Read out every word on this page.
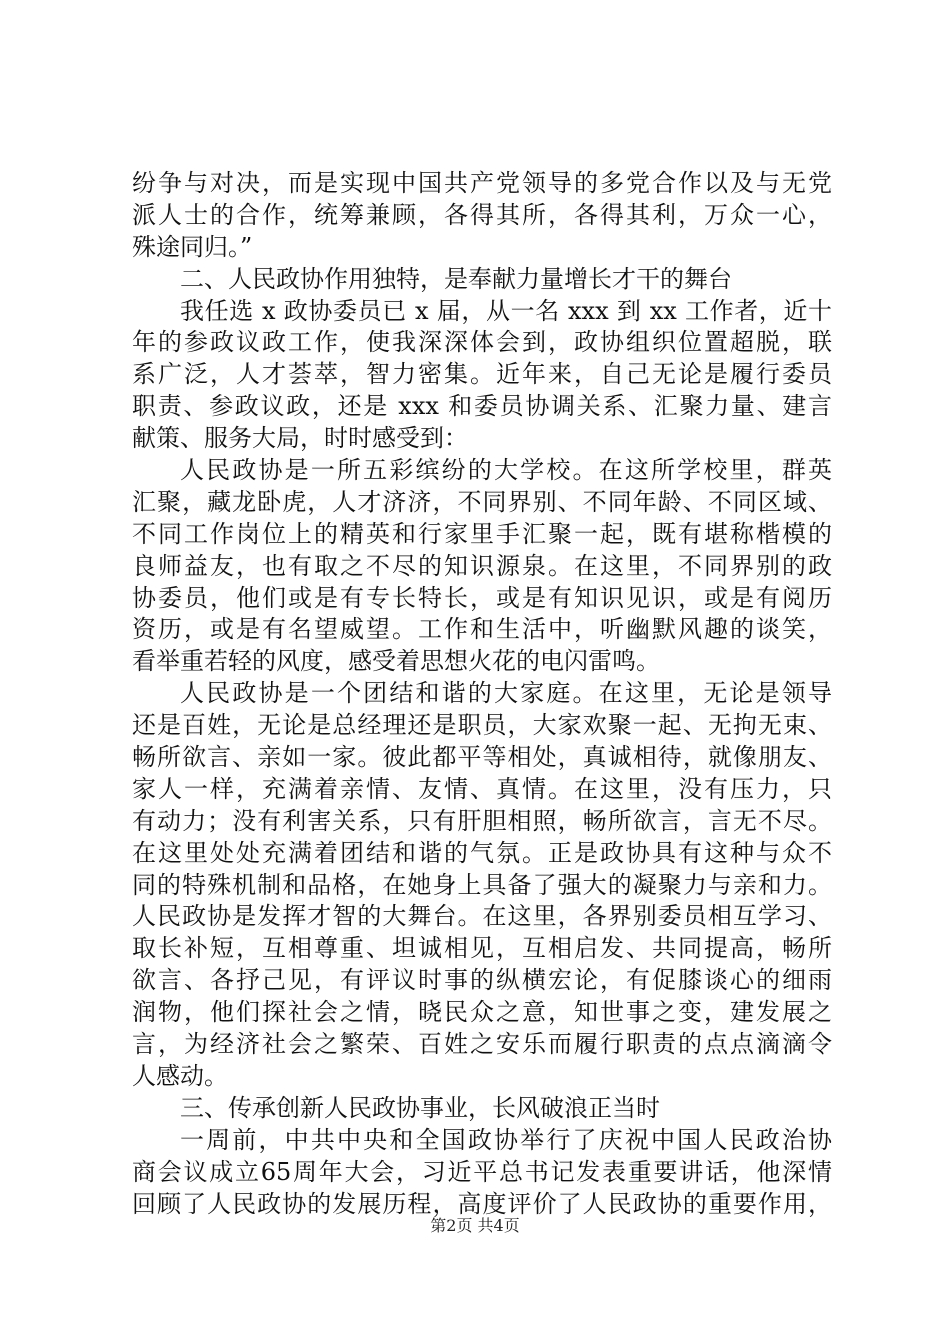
纷争与对决，而是实现中国共产党领导的多党合作以及与无党
派人士的合作，统筹兼顾，各得其所，各得其利，万众一心，
殊途同归。”
二、人民政协作用独特，是奉献力量增长才干的舞台
我任选 x 政协委员已 x 届，从一名 xxx 到 xx 工作者，近十
年的参政议政工作，使我深深体会到，政协组织位置超脱，联
系广泛，人才荟萃，智力密集。近年来，自己无论是履行委员
职责、参政议政，还是 xxx 和委员协调关系、汇聚力量、建言
献策、服务大局，时时感受到：
人民政协是一所五彩缤纷的大学校。在这所学校里，群英
汇聚，藏龙卧虎，人才济济，不同界别、不同年龄、不同区域、
不同工作岗位上的精英和行家里手汇聚一起，既有堪称楷模的
良师益友，也有取之不尽的知识源泉。在这里，不同界别的政
协委员，他们或是有专长特长，或是有知识见识，或是有阅历
资历，或是有名望威望。工作和生活中，听幽默风趣的谈笑，
看举重若轻的风度，感受着思想火花的电闪雷鸣。
人民政协是一个团结和谐的大家庭。在这里，无论是领导
还是百姓，无论是总经理还是职员，大家欢聚一起、无拘无束、
畅所欲言、亲如一家。彼此都平等相处，真诚相待，就像朋友、
家人一样，充满着亲情、友情、真情。在这里，没有压力，只
有动力；没有利害关系，只有肝胆相照，畅所欲言，言无不尽。
在这里处处充满着团结和谐的气氛。正是政协具有这种与众不
同的特殊机制和品格，在她身上具备了强大的凝聚力与亲和力。
人民政协是发挥才智的大舞台。在这里，各界别委员相互学习、
取长补短，互相尊重、坦诚相见，互相启发、共同提高，畅所
欲言、各抒己见，有评议时事的纵横宏论，有促膝谈心的细雨
润物，他们探社会之情，晓民众之意，知世事之变，建发展之
言，为经济社会之繁荣、百姓之安乐而履行职责的点点滴滴令
人感动。
三、传承创新人民政协事业，长风破浪正当时
一周前，中共中央和全国政协举行了庆祝中国人民政治协
商会议成立65周年大会，习近平总书记发表重要讲话，他深情
回顾了人民政协的发展历程，高度评价了人民政协的重要作用，
第2页 共4页
